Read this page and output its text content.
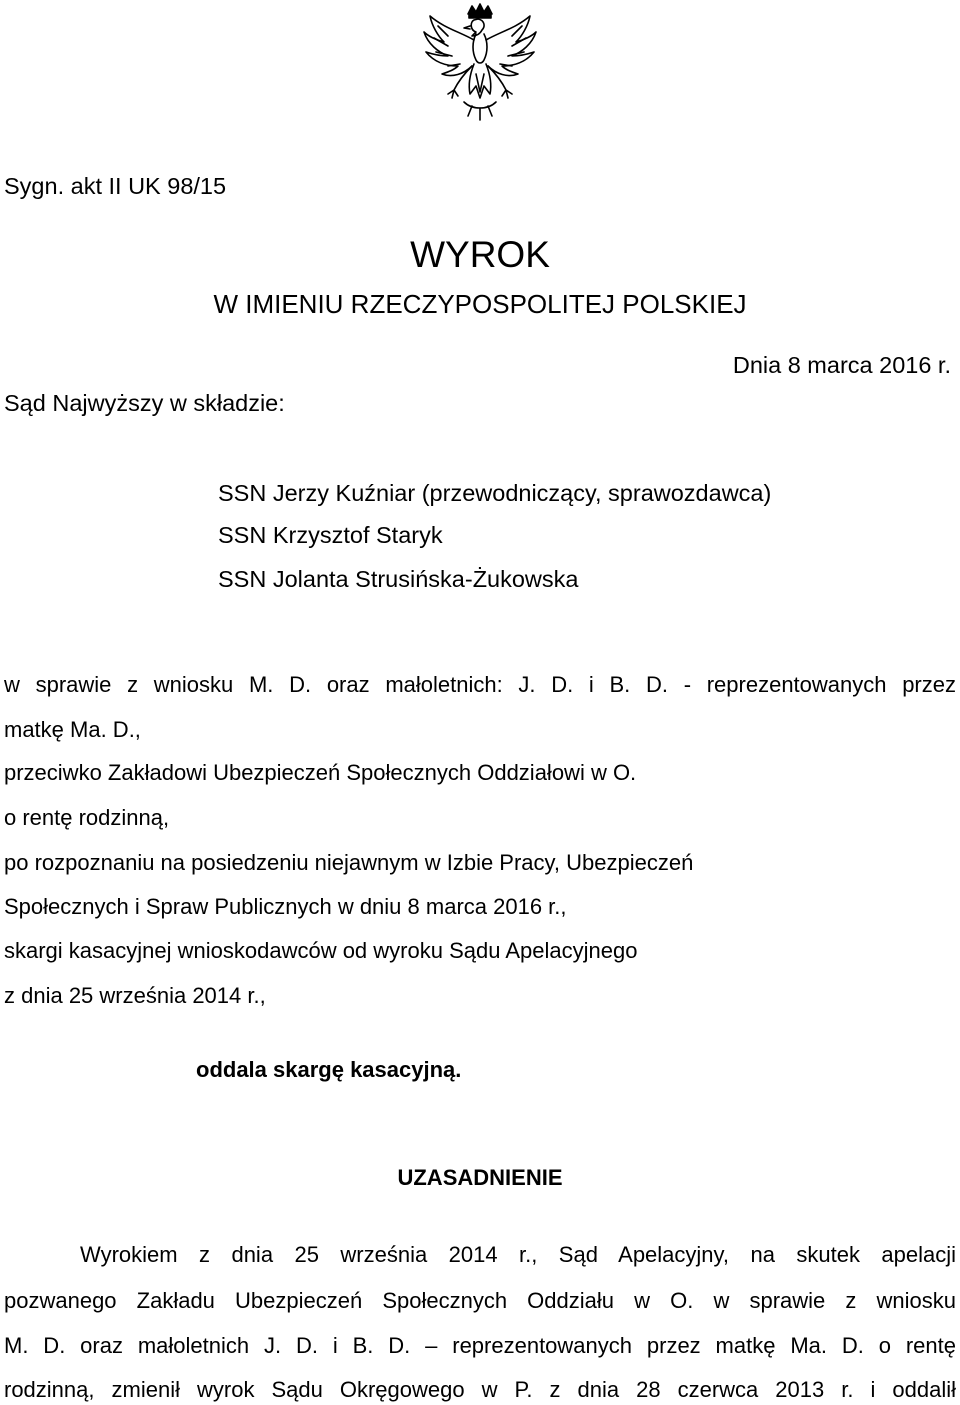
Sygn. akt II UK 98/15
WYROK
W IMIENIU RZECZYPOSPOLITEJ POLSKIEJ
Dnia 8 marca 2016 r.
Sąd Najwyższy w składzie:
SSN Jerzy Kuźniar (przewodniczący, sprawozdawca)
SSN Krzysztof Staryk
SSN Jolanta Strusińska-Żukowska
w sprawie z wniosku M. D. oraz małoletnich: J. D. i B. D. - reprezentowanych przez
matkę Ma. D.,
przeciwko Zakładowi Ubezpieczeń Społecznych Oddziałowi w O.
o rentę rodzinną,
po rozpoznaniu na posiedzeniu niejawnym w Izbie Pracy, Ubezpieczeń
Społecznych i Spraw Publicznych w dniu 8 marca 2016 r.,
skargi kasacyjnej wnioskodawców od wyroku Sądu Apelacyjnego
z dnia 25 września 2014 r.,
oddala skargę kasacyjną.
UZASADNIENIE
Wyrokiem z dnia 25 września 2014 r., Sąd Apelacyjny, na skutek apelacji
pozwanego Zakładu Ubezpieczeń Społecznych Oddziału w O. w sprawie z wniosku
M. D. oraz małoletnich J. D. i B. D. – reprezentowanych przez matkę Ma. D. o rentę
rodzinną, zmienił wyrok Sądu Okręgowego w P. z dnia 28 czerwca 2013 r. i oddalił
